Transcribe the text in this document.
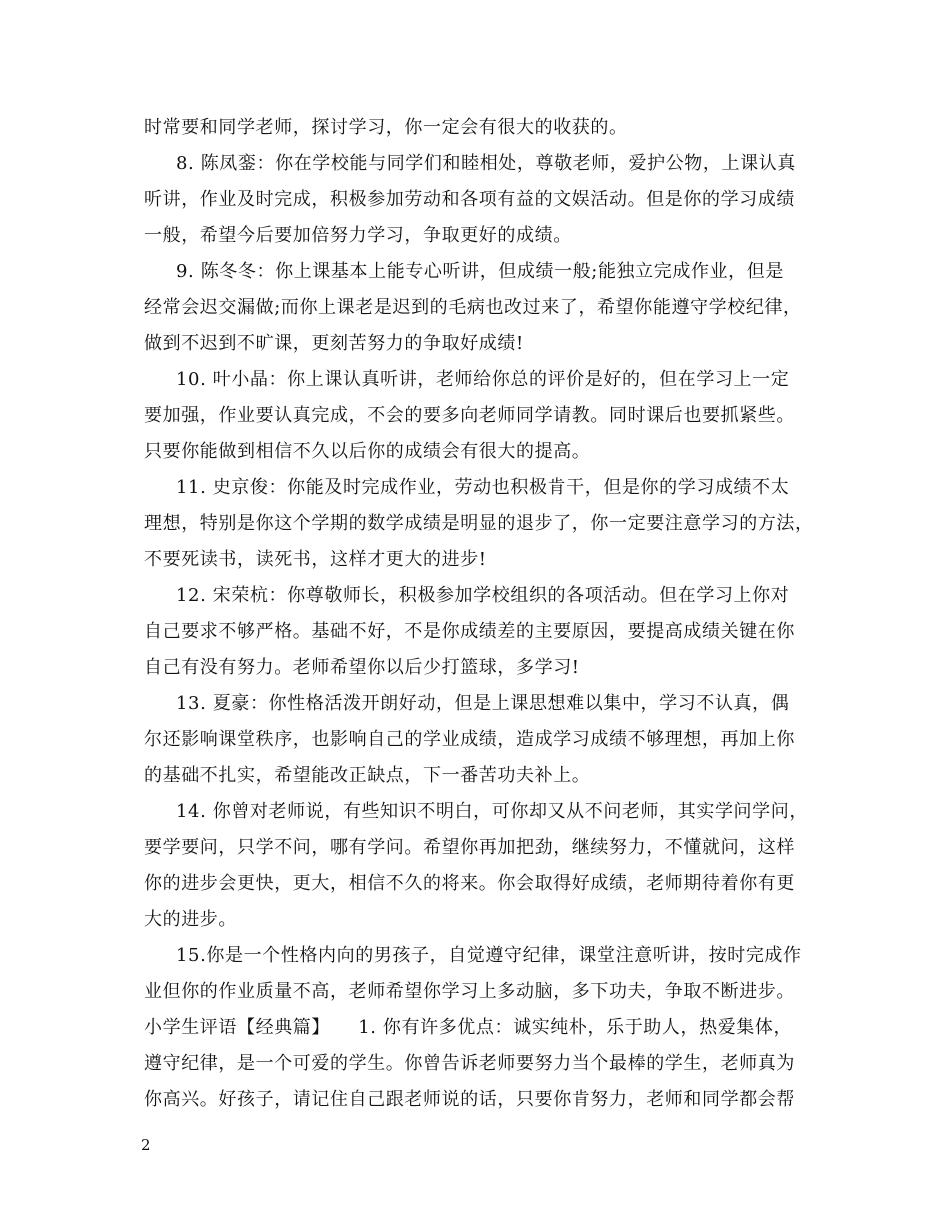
时常要和同学老师，探讨学习，你一定会有很大的收获的。
8. 陈凤銮：你在学校能与同学们和睦相处，尊敬老师，爱护公物，上课认真
听讲，作业及时完成，积极参加劳动和各项有益的文娱活动。但是你的学习成绩
一般，希望今后要加倍努力学习，争取更好的成绩。
9. 陈冬冬：你上课基本上能专心听讲，但成绩一般;能独立完成作业，但是
经常会迟交漏做;而你上课老是迟到的毛病也改过来了，希望你能遵守学校纪律，
做到不迟到不旷课，更刻苦努力的争取好成绩!
10. 叶小晶：你上课认真听讲，老师给你总的评价是好的，但在学习上一定
要加强，作业要认真完成，不会的要多向老师同学请教。同时课后也要抓紧些。
只要你能做到相信不久以后你的成绩会有很大的提高。
11. 史京俊：你能及时完成作业，劳动也积极肯干，但是你的学习成绩不太
理想，特别是你这个学期的数学成绩是明显的退步了，你一定要注意学习的方法，
不要死读书，读死书，这样才更大的进步!
12. 宋荣杭：你尊敬师长，积极参加学校组织的各项活动。但在学习上你对
自己要求不够严格。基础不好，不是你成绩差的主要原因，要提高成绩关键在你
自己有没有努力。老师希望你以后少打篮球，多学习!
13. 夏豪：你性格活泼开朗好动，但是上课思想难以集中，学习不认真，偶
尔还影响课堂秩序，也影响自己的学业成绩，造成学习成绩不够理想，再加上你
的基础不扎实，希望能改正缺点，下一番苦功夫补上。
14. 你曾对老师说，有些知识不明白，可你却又从不问老师，其实学问学问，
要学要问，只学不问，哪有学问。希望你再加把劲，继续努力，不懂就问，这样
你的进步会更快，更大，相信不久的将来。你会取得好成绩，老师期待着你有更
大的进步。
15.你是一个性格内向的男孩子，自觉遵守纪律，课堂注意听讲，按时完成作
业但你的作业质量不高，老师希望你学习上多动脑，多下功夫，争取不断进步。
小学生评语【经典篇】　　1. 你有许多优点：诚实纯朴，乐于助人，热爱集体，
遵守纪律，是一个可爱的学生。你曾告诉老师要努力当个最棒的学生，老师真为
你高兴。好孩子，请记住自己跟老师说的话，只要你肯努力，老师和同学都会帮
2
